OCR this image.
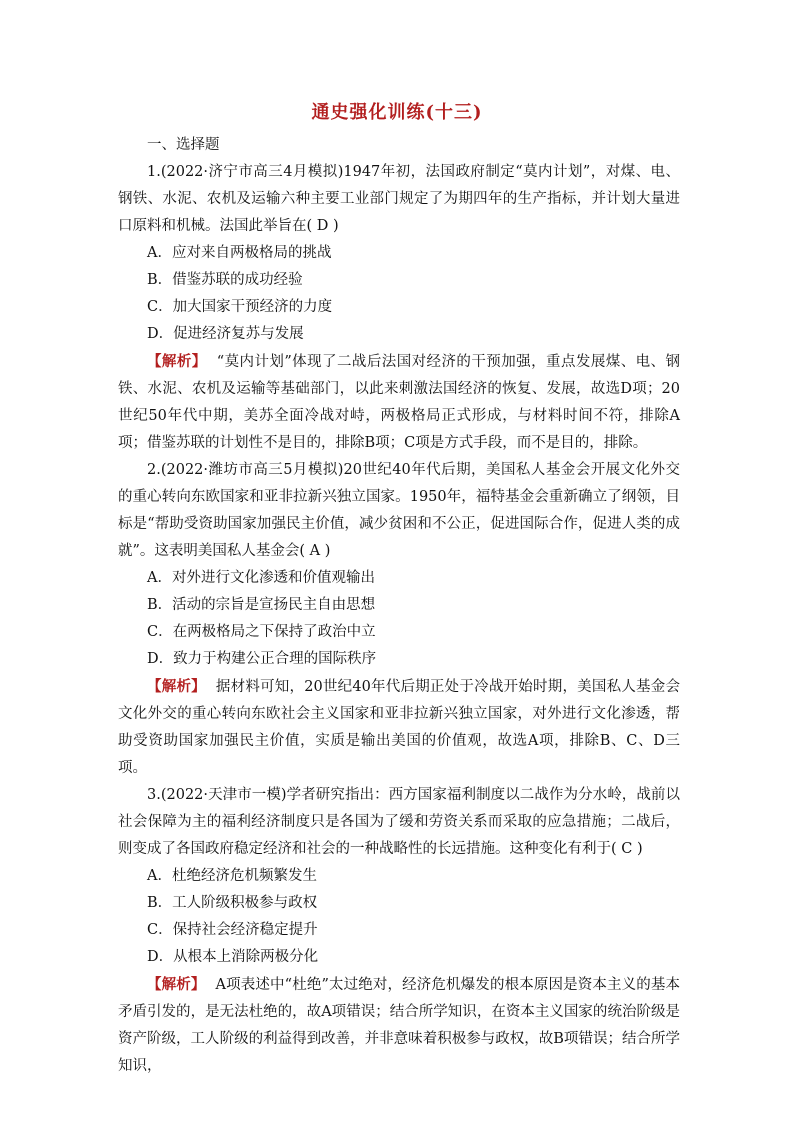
通史强化训练(十三)
一、选择题

1.(2022·济宁市高三4月模拟)1947年初，法国政府制定“莫内计划”，对煤、电、钢铁、水泥、农机及运输六种主要工业部门规定了为期四年的生产指标，并计划大量进口原料和机械。法国此举旨在( D )

A．应对来自两极格局的挑战

B．借鉴苏联的成功经验

C．加大国家干预经济的力度

D．促进经济复苏与发展

【解析】 “莫内计划”体现了二战后法国对经济的干预加强，重点发展煤、电、钢铁、水泥、农机及运输等基础部门，以此来刺激法国经济的恢复、发展，故选D项；20世纪50年代中期，美苏全面冷战对峙，两极格局正式形成，与材料时间不符，排除A项；借鉴苏联的计划性不是目的，排除B项；C项是方式手段，而不是目的，排除。

2.(2022·潍坊市高三5月模拟)20世纪40年代后期，美国私人基金会开展文化外交的重心转向东欧国家和亚非拉新兴独立国家。1950年，福特基金会重新确立了纲领，目标是“帮助受资助国家加强民主价值，减少贫困和不公正，促进国际合作，促进人类的成就”。这表明美国私人基金会( A )

A．对外进行文化渗透和价值观输出

B．活动的宗旨是宣扬民主自由思想

C．在两极格局之下保持了政治中立

D．致力于构建公正合理的国际秩序

【解析】 据材料可知，20世纪40年代后期正处于冷战开始时期，美国私人基金会文化外交的重心转向东欧社会主义国家和亚非拉新兴独立国家，对外进行文化渗透，帮助受资助国家加强民主价值，实质是输出美国的价值观，故选A项，排除B、C、D三项。

3.(2022·天津市一模)学者研究指出：西方国家福利制度以二战作为分水岭，战前以社会保障为主的福利经济制度只是各国为了缓和劳资关系而采取的应急措施；二战后，则变成了各国政府稳定经济和社会的一种战略性的长远措施。这种变化有利于( C )

A．杜绝经济危机频繁发生

B．工人阶级积极参与政权

C．保持社会经济稳定提升

D．从根本上消除两极分化

【解析】 A项表述中“杜绝”太过绝对，经济危机爆发的根本原因是资本主义的基本矛盾引发的，是无法杜绝的，故A项错误；结合所学知识，在资本主义国家的统治阶级是资产阶级，工人阶级的利益得到改善，并非意味着积极参与政权，故B项错误；结合所学知识，
